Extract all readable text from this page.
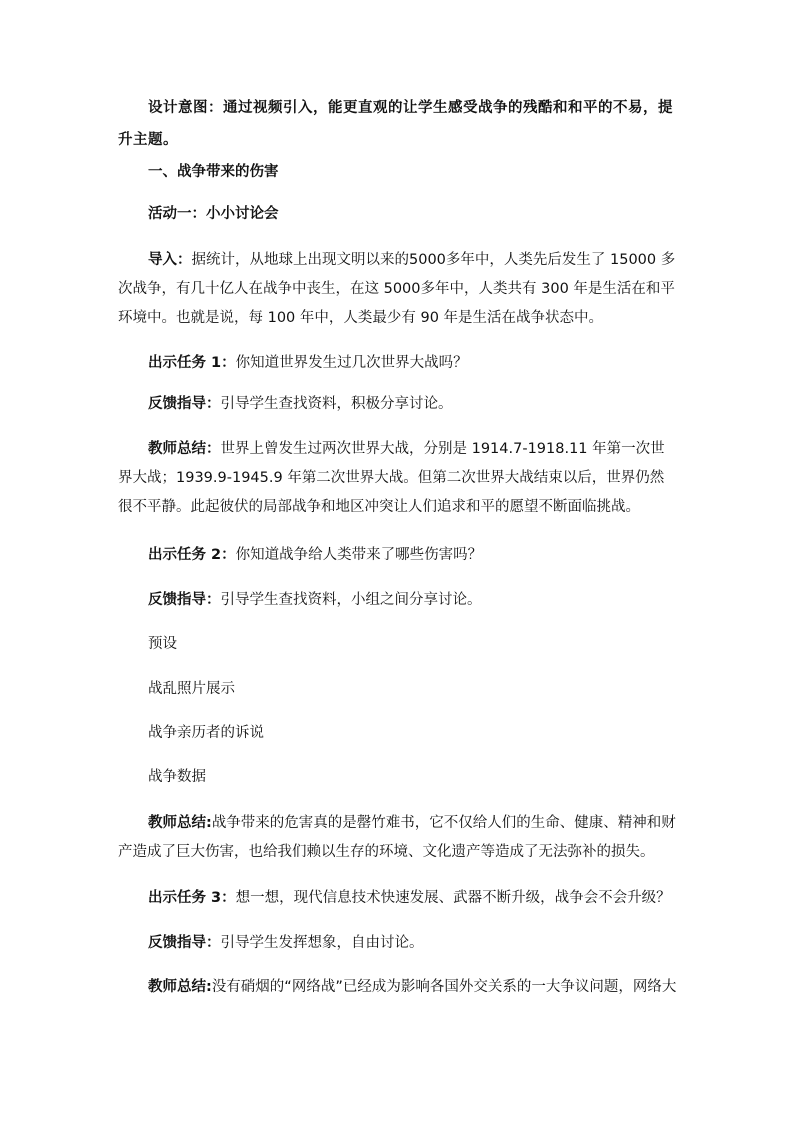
设计意图：通过视频引入，能更直观的让学生感受战争的残酷和和平的不易，提升主题。

一、战争带来的伤害

活动一：小小讨论会

导入：据统计，从地球上出现文明以来的5000多年中，人类先后发生了 15000 多次战争，有几十亿人在战争中丧生，在这 5000多年中，人类共有 300 年是生活在和平环境中。也就是说，每 100 年中，人类最少有 90 年是生活在战争状态中。

出示任务 1：你知道世界发生过几次世界大战吗？

反馈指导：引导学生查找资料，积极分享讨论。

教师总结：世界上曾发生过两次世界大战，分别是 1914.7-1918.11 年第一次世界大战；1939.9-1945.9 年第二次世界大战。但第二次世界大战结束以后，世界仍然很不平静。此起彼伏的局部战争和地区冲突让人们追求和平的愿望不断面临挑战。

出示任务 2：你知道战争给人类带来了哪些伤害吗？

反馈指导：引导学生查找资料，小组之间分享讨论。

预设

战乱照片展示

战争亲历者的诉说

战争数据

教师总结:战争带来的危害真的是罄竹难书，它不仅给人们的生命、健康、精神和财产造成了巨大伤害，也给我们赖以生存的环境、文化遗产等造成了无法弥补的损失。

出示任务 3：想一想，现代信息技术快速发展、武器不断升级，战争会不会升级？

反馈指导：引导学生发挥想象，自由讨论。

教师总结:没有硝烟的“网络战”已经成为影响各国外交关系的一大争议问题，网络大
